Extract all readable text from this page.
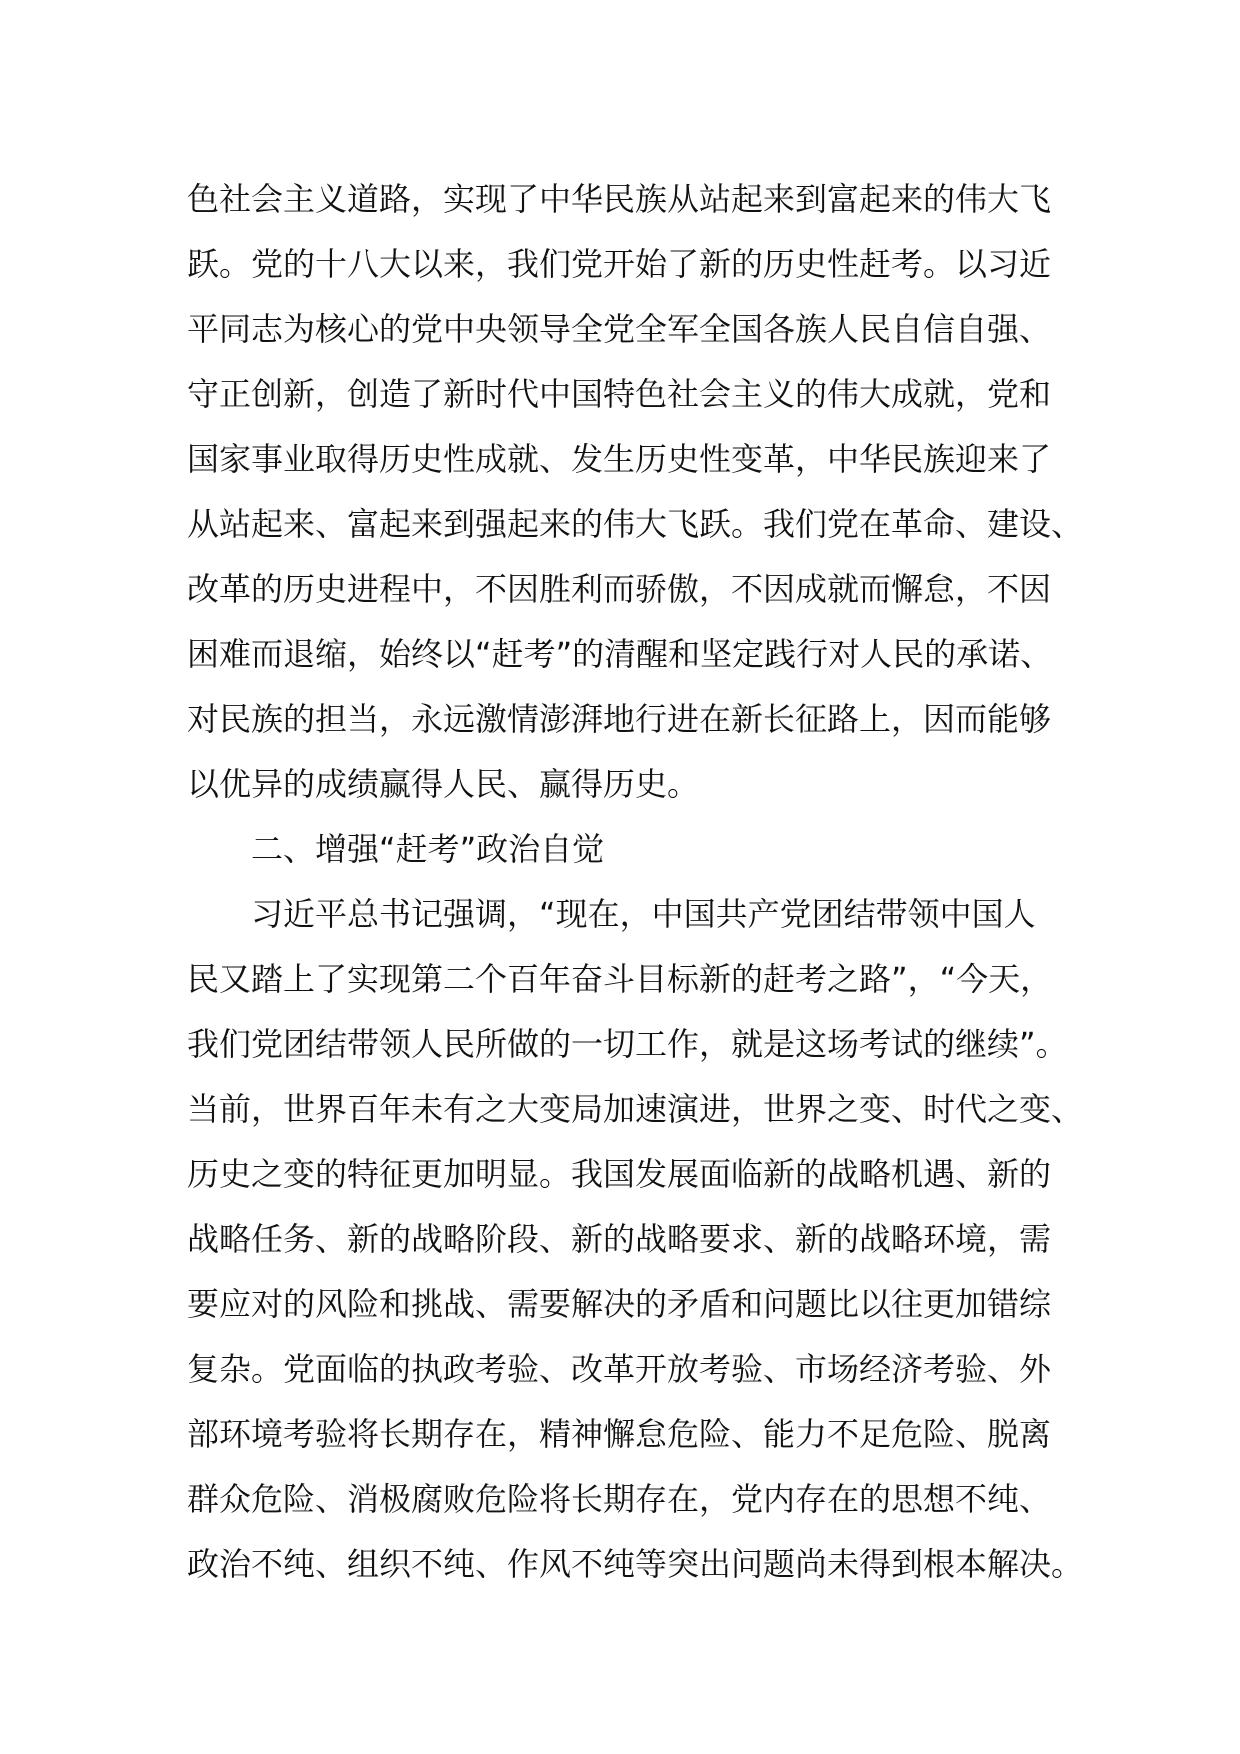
色社会主义道路，实现了中华民族从站起来到富起来的伟大飞
跃。党的十八大以来，我们党开始了新的历史性赶考。以习近
平同志为核心的党中央领导全党全军全国各族人民自信自强、
守正创新，创造了新时代中国特色社会主义的伟大成就，党和
国家事业取得历史性成就、发生历史性变革，中华民族迎来了
从站起来、富起来到强起来的伟大飞跃。我们党在革命、建设、
改革的历史进程中，不因胜利而骄傲，不因成就而懈怠，不因
困难而退缩，始终以“赶考”的清醒和坚定践行对人民的承诺、
对民族的担当，永远激情澎湃地行进在新长征路上，因而能够
以优异的成绩赢得人民、赢得历史。
二、增强“赶考”政治自觉
习近平总书记强调，“现在，中国共产党团结带领中国人
民又踏上了实现第二个百年奋斗目标新的赶考之路”，“今天，
我们党团结带领人民所做的一切工作，就是这场考试的继续”。
当前，世界百年未有之大变局加速演进，世界之变、时代之变、
历史之变的特征更加明显。我国发展面临新的战略机遇、新的
战略任务、新的战略阶段、新的战略要求、新的战略环境，需
要应对的风险和挑战、需要解决的矛盾和问题比以往更加错综
复杂。党面临的执政考验、改革开放考验、市场经济考验、外
部环境考验将长期存在，精神懈怠危险、能力不足危险、脱离
群众危险、消极腐败危险将长期存在，党内存在的思想不纯、
政治不纯、组织不纯、作风不纯等突出问题尚未得到根本解决。
